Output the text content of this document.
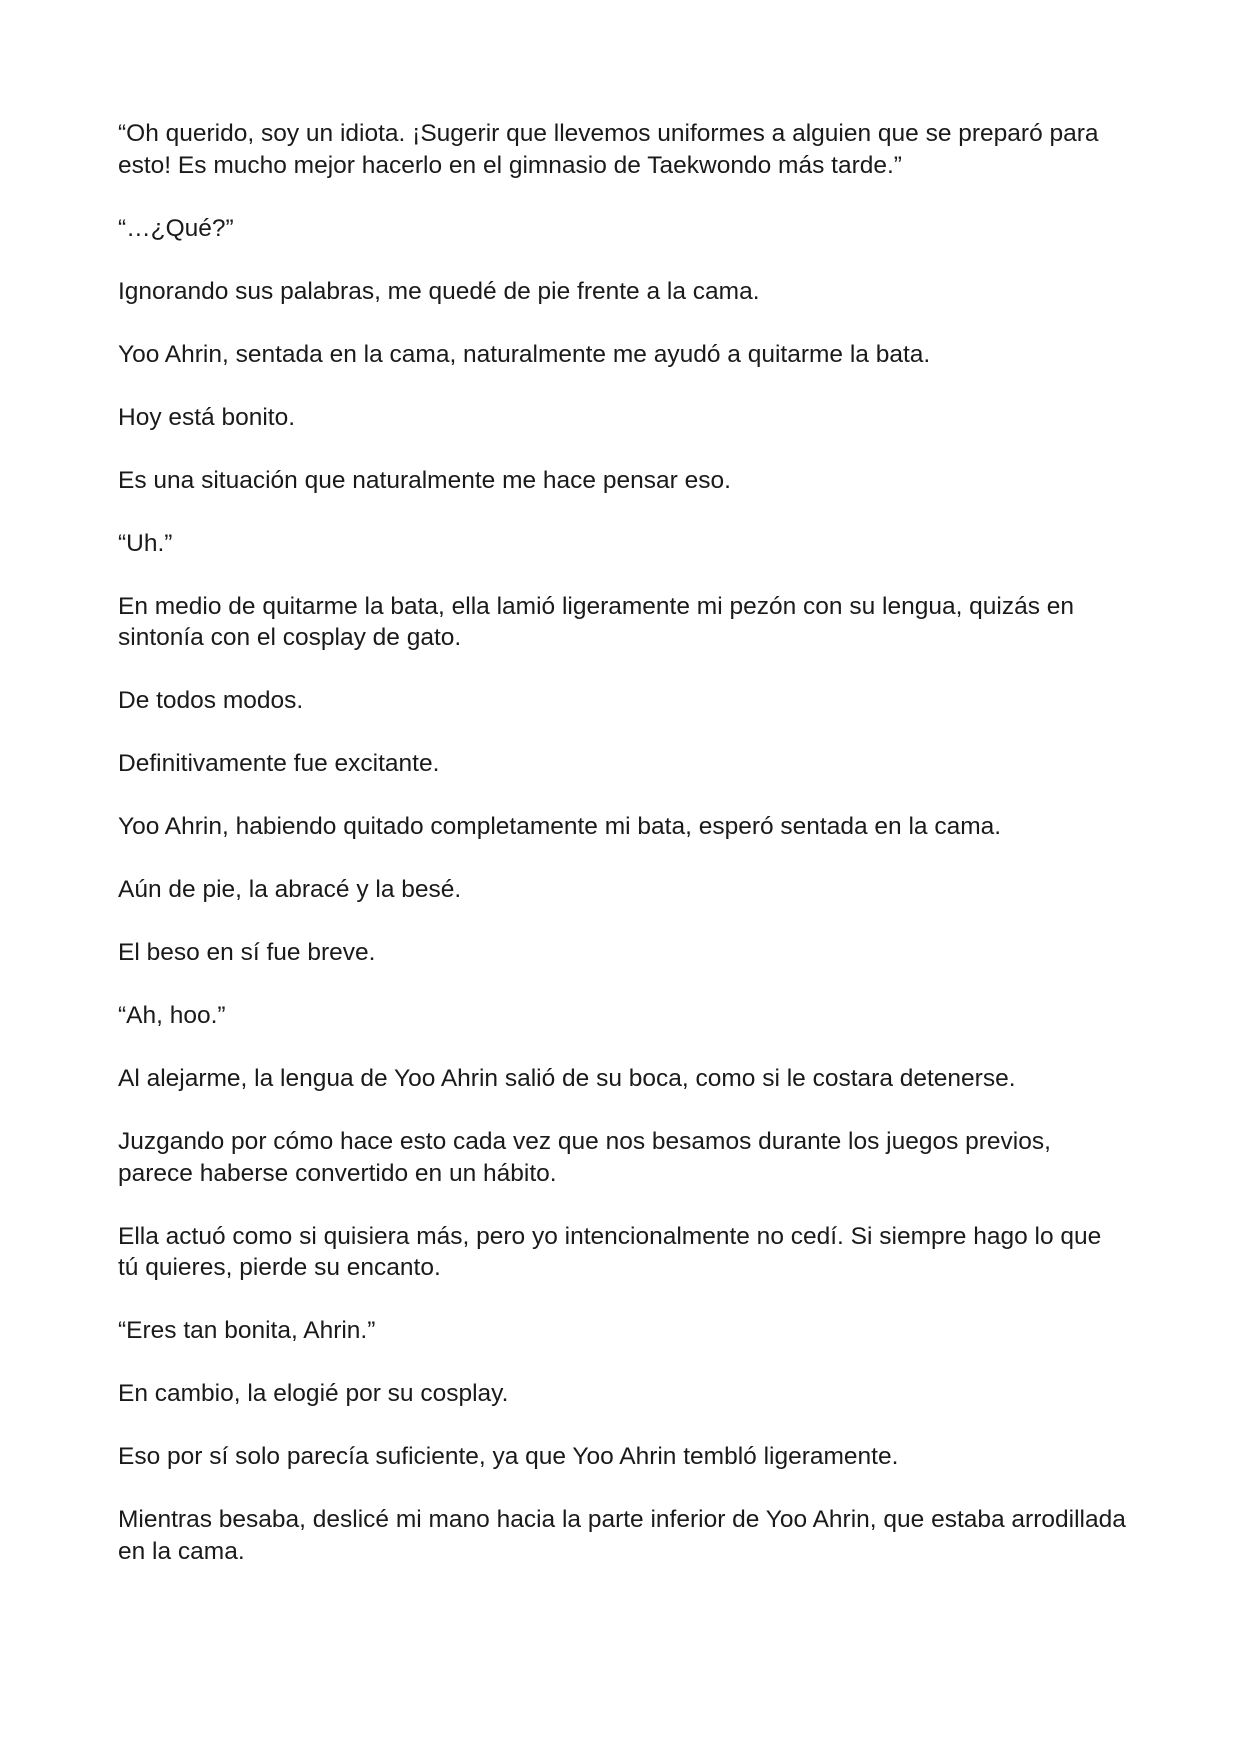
“Oh querido, soy un idiota. ¡Sugerir que llevemos uniformes a alguien que se preparó para esto! Es mucho mejor hacerlo en el gimnasio de Taekwondo más tarde.”

“…¿Qué?”

Ignorando sus palabras, me quedé de pie frente a la cama.

Yoo Ahrin, sentada en la cama, naturalmente me ayudó a quitarme la bata.

Hoy está bonito.

Es una situación que naturalmente me hace pensar eso.

“Uh.”

En medio de quitarme la bata, ella lamió ligeramente mi pezón con su lengua, quizás en sintonía con el cosplay de gato.

De todos modos.

Definitivamente fue excitante.

Yoo Ahrin, habiendo quitado completamente mi bata, esperó sentada en la cama.

Aún de pie, la abracé y la besé.

El beso en sí fue breve.

“Ah, hoo.”

Al alejarme, la lengua de Yoo Ahrin salió de su boca, como si le costara detenerse.

Juzgando por cómo hace esto cada vez que nos besamos durante los juegos previos, parece haberse convertido en un hábito.

Ella actuó como si quisiera más, pero yo intencionalmente no cedí. Si siempre hago lo que tú quieres, pierde su encanto.

“Eres tan bonita, Ahrin.”

En cambio, la elogié por su cosplay.

Eso por sí solo parecía suficiente, ya que Yoo Ahrin tembló ligeramente.

Mientras besaba, deslicé mi mano hacia la parte inferior de Yoo Ahrin, que estaba arrodillada en la cama.
